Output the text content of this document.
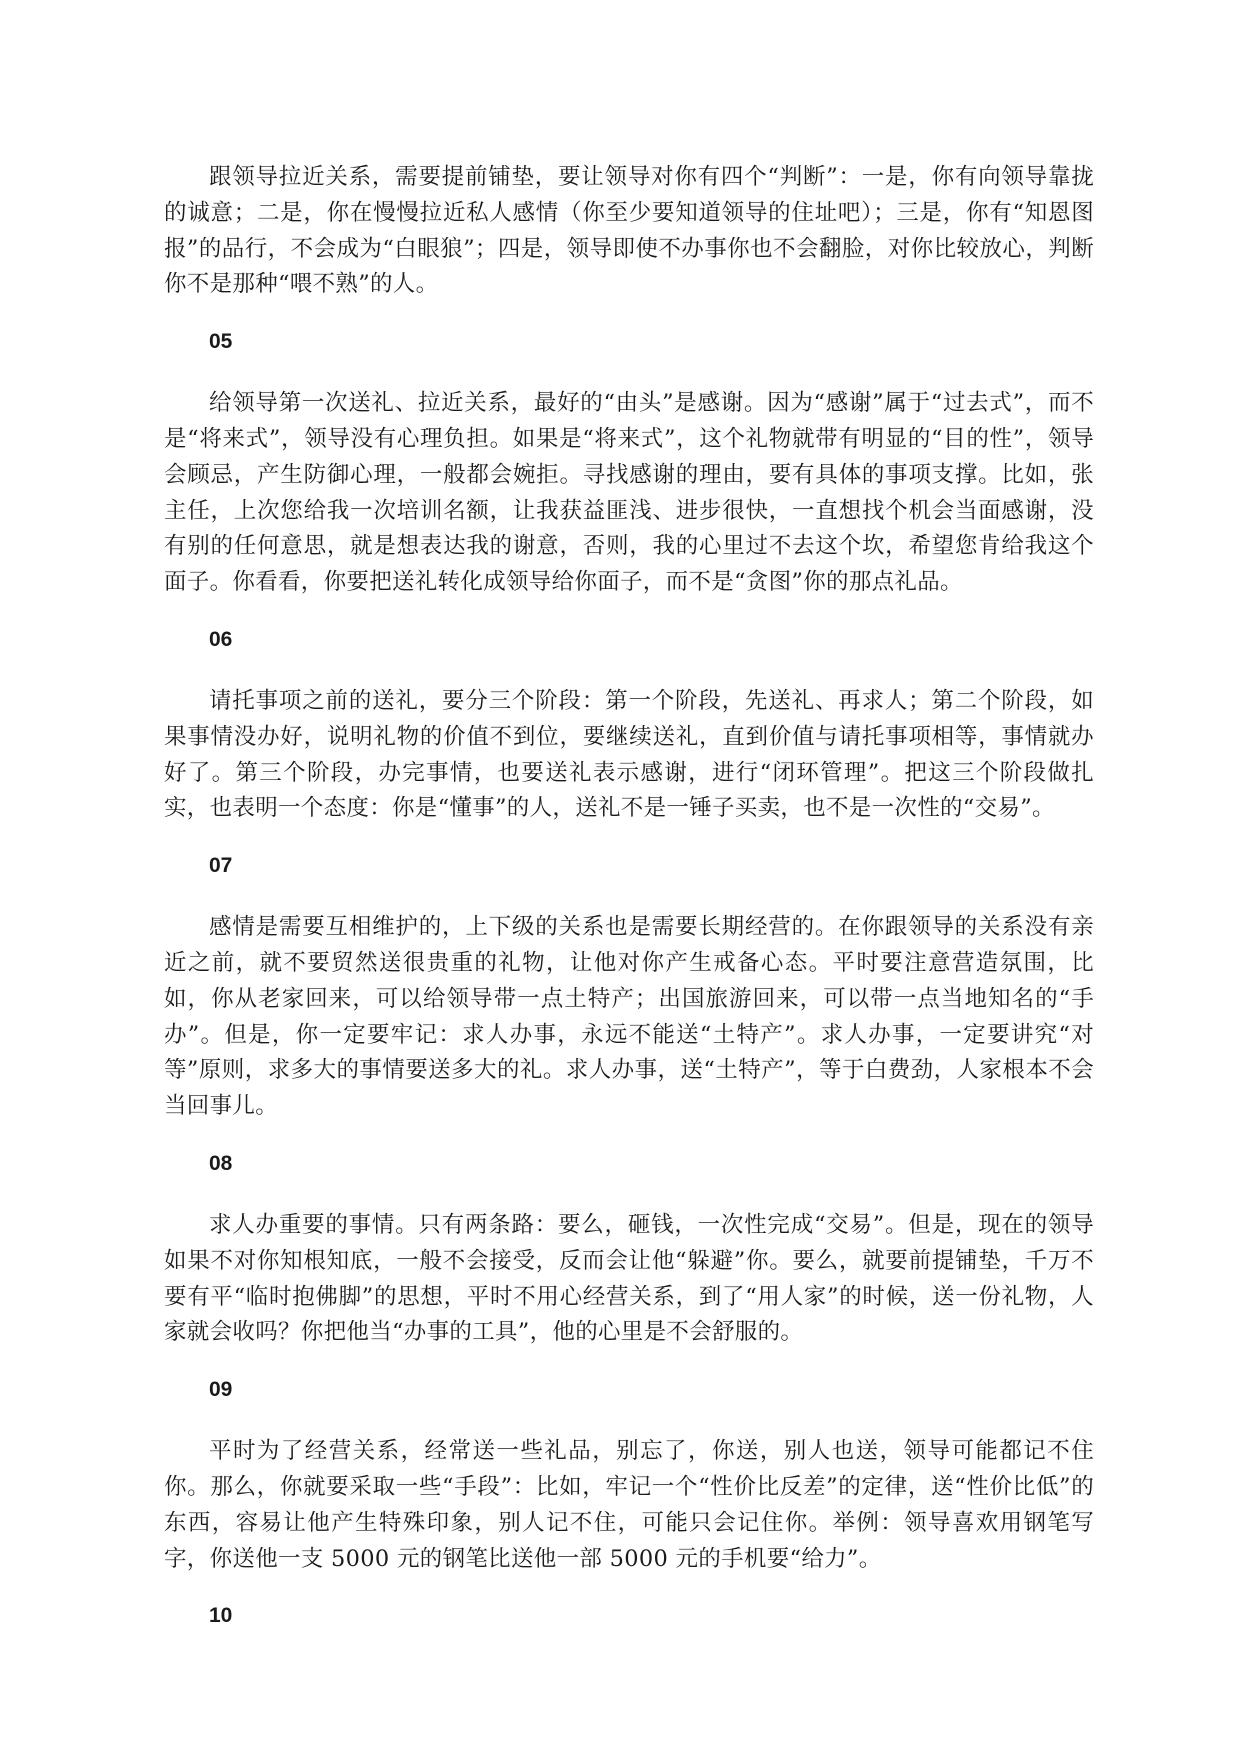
跟领导拉近关系，需要提前铺垫，要让领导对你有四个“判断”：一是，你有向领导靠拢的诚意；二是，你在慢慢拉近私人感情（你至少要知道领导的住址吧）；三是，你有“知恩图报”的品行，不会成为“白眼狼”；四是，领导即使不办事你也不会翻脸，对你比较放心，判断你不是那种“喂不熟”的人。

05

给领导第一次送礼、拉近关系，最好的“由头”是感谢。因为“感谢”属于“过去式”，而不是“将来式”，领导没有心理负担。如果是“将来式”，这个礼物就带有明显的“目的性”，领导会顾忌，产生防御心理，一般都会婉拒。寻找感谢的理由，要有具体的事项支撑。比如，张主任，上次您给我一次培训名额，让我获益匪浅、进步很快，一直想找个机会当面感谢，没有别的任何意思，就是想表达我的谢意，否则，我的心里过不去这个坎，希望您肯给我这个面子。你看看，你要把送礼转化成领导给你面子，而不是“贪图”你的那点礼品。

06

请托事项之前的送礼，要分三个阶段：第一个阶段，先送礼、再求人；第二个阶段，如果事情没办好，说明礼物的价值不到位，要继续送礼，直到价值与请托事项相等，事情就办好了。第三个阶段，办完事情，也要送礼表示感谢，进行“闭环管理”。把这三个阶段做扎实，也表明一个态度：你是“懂事”的人，送礼不是一锤子买卖，也不是一次性的“交易”。

07

感情是需要互相维护的，上下级的关系也是需要长期经营的。在你跟领导的关系没有亲近之前，就不要贸然送很贵重的礼物，让他对你产生戒备心态。平时要注意营造氛围，比如，你从老家回来，可以给领导带一点土特产；出国旅游回来，可以带一点当地知名的“手办”。但是，你一定要牢记：求人办事，永远不能送“土特产”。求人办事，一定要讲究“对等”原则，求多大的事情要送多大的礼。求人办事，送“土特产”，等于白费劲，人家根本不会当回事儿。

08

求人办重要的事情。只有两条路：要么，砸钱，一次性完成“交易”。但是，现在的领导如果不对你知根知底，一般不会接受，反而会让他“躲避”你。要么，就要前提铺垫，千万不要有平“临时抱佛脚”的思想，平时不用心经营关系，到了“用人家”的时候，送一份礼物，人家就会收吗？你把他当“办事的工具”，他的心里是不会舒服的。

09

平时为了经营关系，经常送一些礼品，别忘了，你送，别人也送，领导可能都记不住你。那么，你就要采取一些“手段”：比如，牢记一个“性价比反差”的定律，送“性价比低”的东西，容易让他产生特殊印象，别人记不住，可能只会记住你。举例：领导喜欢用钢笔写字，你送他一支 5000 元的钢笔比送他一部 5000 元的手机要“给力”。

10
